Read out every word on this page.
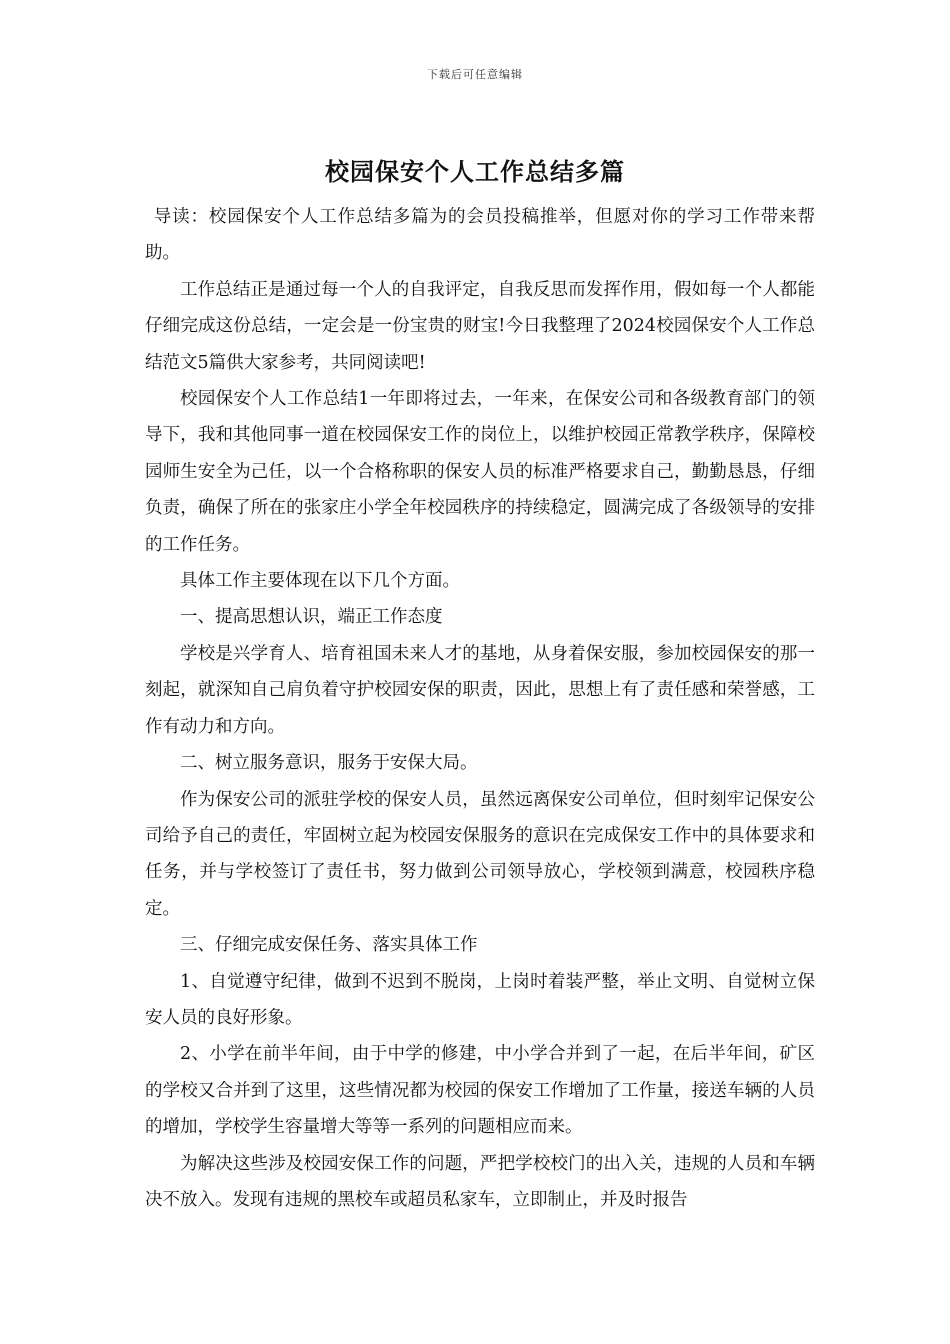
下载后可任意编辑
校园保安个人工作总结多篇

导读：校园保安个人工作总结多篇为的会员投稿推举，但愿对你的学习工作带来帮助。

工作总结正是通过每一个人的自我评定，自我反思而发挥作用，假如每一个人都能仔细完成这份总结，一定会是一份宝贵的财宝!今日我整理了2024校园保安个人工作总结范文5篇供大家参考，共同阅读吧!

校园保安个人工作总结1一年即将过去，一年来，在保安公司和各级教育部门的领导下，我和其他同事一道在校园保安工作的岗位上，以维护校园正常教学秩序，保障校园师生安全为己任，以一个合格称职的保安人员的标准严格要求自己，勤勤恳恳，仔细负责，确保了所在的张家庄小学全年校园秩序的持续稳定，圆满完成了各级领导的安排的工作任务。

具体工作主要体现在以下几个方面。

一、提高思想认识，端正工作态度

学校是兴学育人、培育祖国未来人才的基地，从身着保安服，参加校园保安的那一刻起，就深知自己肩负着守护校园安保的职责，因此，思想上有了责任感和荣誉感，工作有动力和方向。

二、树立服务意识，服务于安保大局。

作为保安公司的派驻学校的保安人员，虽然远离保安公司单位，但时刻牢记保安公司给予自己的责任，牢固树立起为校园安保服务的意识在完成保安工作中的具体要求和任务，并与学校签订了责任书，努力做到公司领导放心，学校领到满意，校园秩序稳定。

三、仔细完成安保任务、落实具体工作

1、自觉遵守纪律，做到不迟到不脱岗，上岗时着装严整，举止文明、自觉树立保安人员的良好形象。

2、小学在前半年间，由于中学的修建，中小学合并到了一起，在后半年间，矿区的学校又合并到了这里，这些情况都为校园的保安工作增加了工作量，接送车辆的人员的增加，学校学生容量增大等等一系列的问题相应而来。

为解决这些涉及校园安保工作的问题，严把学校校门的出入关，违规的人员和车辆决不放入。发现有违规的黑校车或超员私家车，立即制止，并及时报告
